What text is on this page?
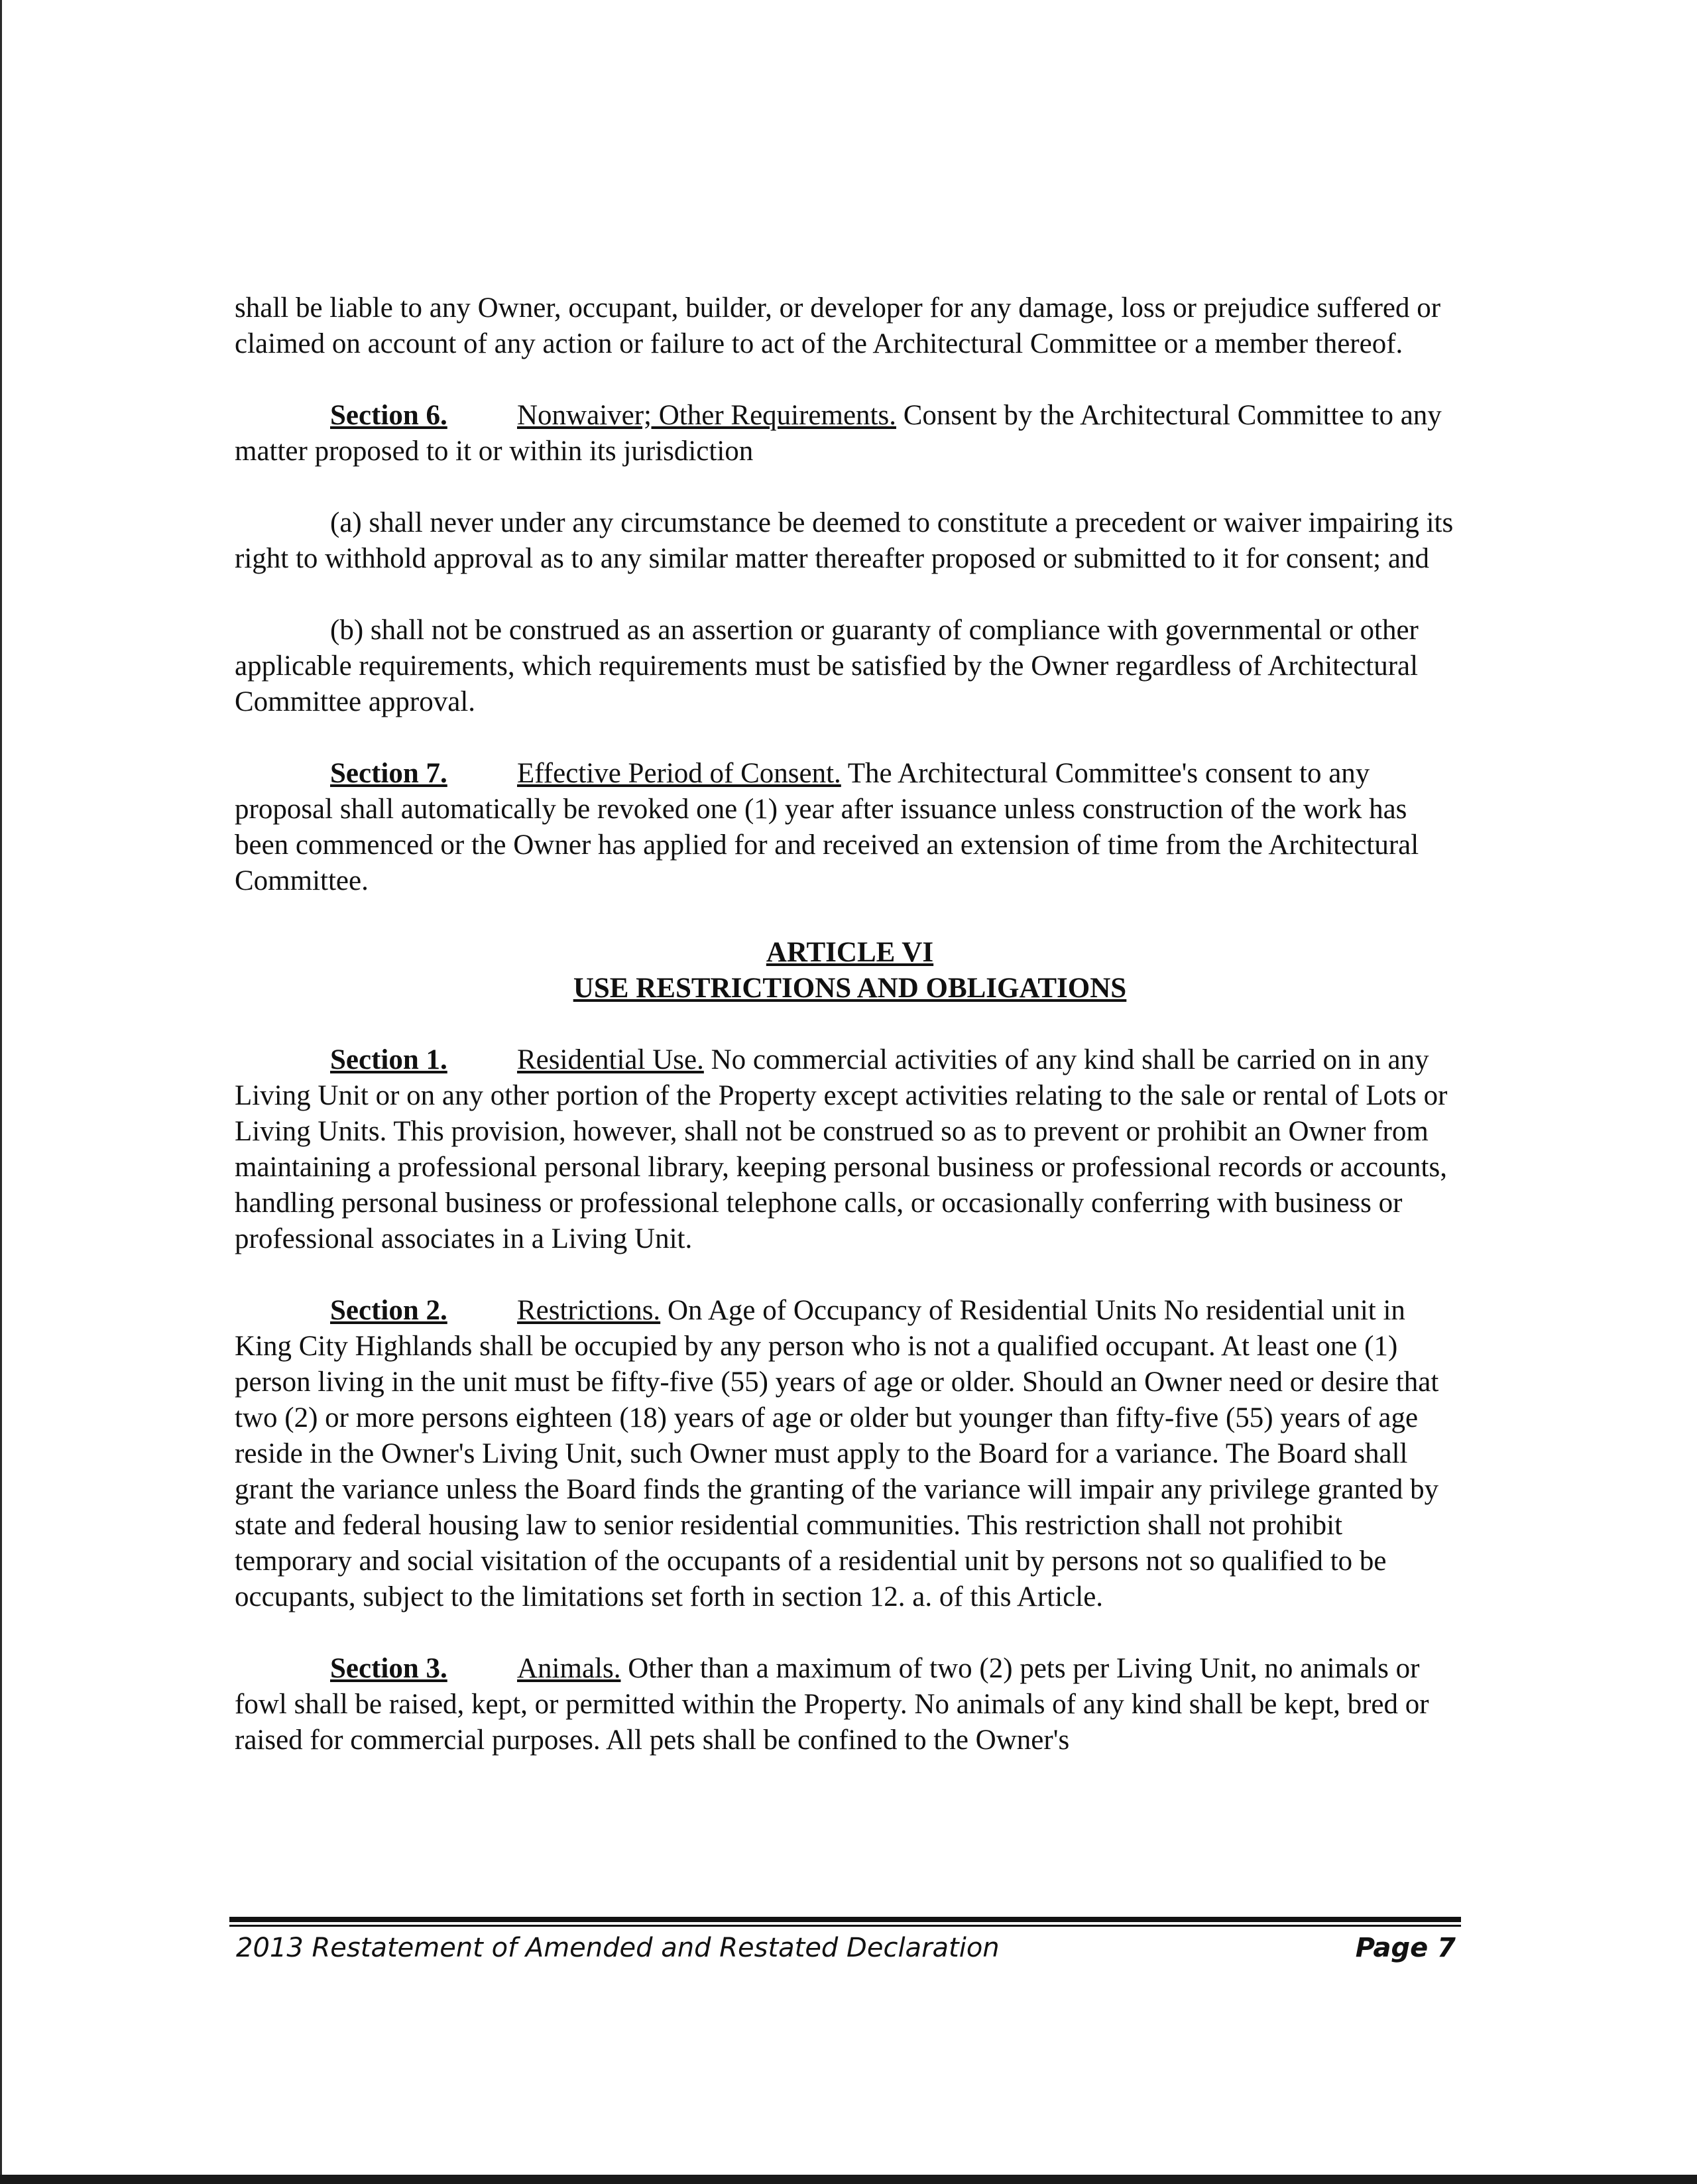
shall be liable to any Owner, occupant, builder, or developer for any damage, loss or prejudice suffered or claimed on account of any action or failure to act of the Architectural Committee or a member thereof.

Section 6. Nonwaiver; Other Requirements. Consent by the Architectural Committee to any matter proposed to it or within its jurisdiction

(a) shall never under any circumstance be deemed to constitute a precedent or waiver impairing its right to withhold approval as to any similar matter thereafter proposed or submitted to it for consent; and

(b) shall not be construed as an assertion or guaranty of compliance with governmental or other applicable requirements, which requirements must be satisfied by the Owner regardless of Architectural Committee approval.

Section 7. Effective Period of Consent. The Architectural Committee's consent to any proposal shall automatically be revoked one (1) year after issuance unless construction of the work has been commenced or the Owner has applied for and received an extension of time from the Architectural Committee.

ARTICLE VI
USE RESTRICTIONS AND OBLIGATIONS

Section 1. Residential Use. No commercial activities of any kind shall be carried on in any Living Unit or on any other portion of the Property except activities relating to the sale or rental of Lots or Living Units. This provision, however, shall not be construed so as to prevent or prohibit an Owner from maintaining a professional personal library, keeping personal business or professional records or accounts, handling personal business or professional telephone calls, or occasionally conferring with business or professional associates in a Living Unit.

Section 2. Restrictions. On Age of Occupancy of Residential Units No residential unit in King City Highlands shall be occupied by any person who is not a qualified occupant. At least one (1) person living in the unit must be fifty-five (55) years of age or older. Should an Owner need or desire that two (2) or more persons eighteen (18) years of age or older but younger than fifty-five (55) years of age reside in the Owner's Living Unit, such Owner must apply to the Board for a variance. The Board shall grant the variance unless the Board finds the granting of the variance will impair any privilege granted by state and federal housing law to senior residential communities. This restriction shall not prohibit temporary and social visitation of the occupants of a residential unit by persons not so qualified to be occupants, subject to the limitations set forth in section 12. a. of this Article.

Section 3. Animals. Other than a maximum of two (2) pets per Living Unit, no animals or fowl shall be raised, kept, or permitted within the Property. No animals of any kind shall be kept, bred or raised for commercial purposes. All pets shall be confined to the Owner's

2013 Restatement of Amended and Restated Declaration	Page 7
